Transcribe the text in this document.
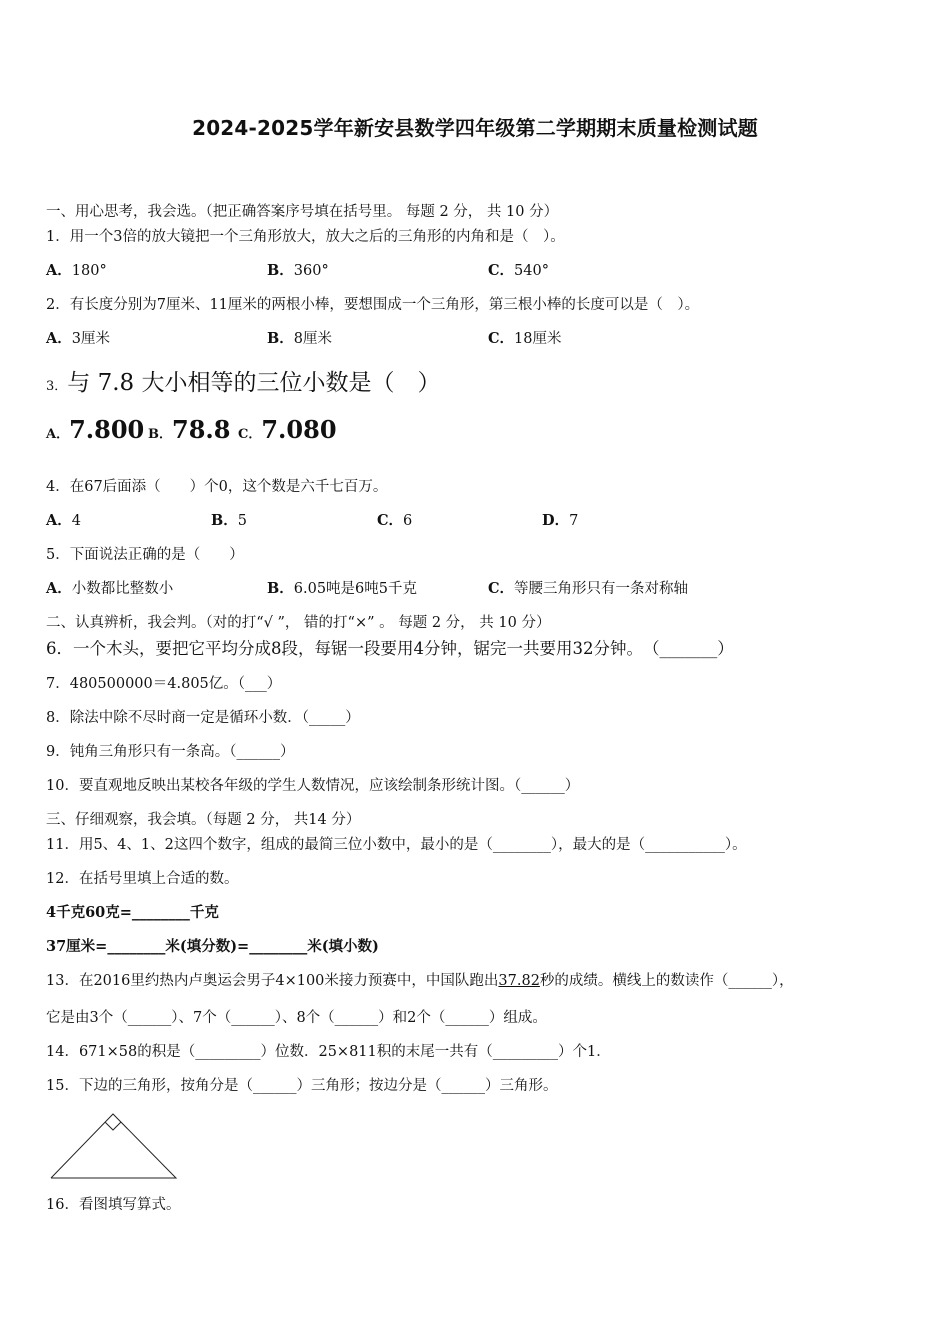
2024-2025学年新安县数学四年级第二学期期末质量检测试题
一、用心思考，我会选。（把正确答案序号填在括号里。 每题 2 分， 共 10 分）
1．用一个3倍的放大镜把一个三角形放大，放大之后的三角形的内角和是（　）。
A．180°	B．360°	C．540°
2．有长度分别为7厘米、11厘米的两根小棒，要想围成一个三角形，第三根小棒的长度可以是（　）。
A．3厘米	B．8厘米	C．18厘米
3．与 7.8 大小相等的三位小数是（　）
A．7.800 B．78.8 C．7.080
4．在67后面添（　　）个0，这个数是六千七百万。
A．4	B．5	C．6	D．7
5．下面说法正确的是（　　）
A．小数都比整数小	B．6.05吨是6吨5千克	C．等腰三角形只有一条对称轴
二、认真辨析，我会判。（对的打“√ ”， 错的打“×” 。 每题 2 分， 共 10 分）
6．一个木头，要把它平均分成8段，每锯一段要用4分钟，锯完一共要用32分钟。　（_______）
7．480500000＝4.805亿。（___）
8．除法中除不尽时商一定是循环小数．（_____）
9．钝角三角形只有一条高。（______）
10．要直观地反映出某校各年级的学生人数情况，应该绘制条形统计图。（______）
三、仔细观察，我会填。（每题 2 分， 共14 分）
11．用5、4、1、2这四个数字，组成的最简三位小数中，最小的是（________），最大的是（___________）。
12．在括号里填上合适的数。
4千克60克=________千克
37厘米=________米(填分数)=________米(填小数)
13．在2016里约热内卢奥运会男子4×100米接力预赛中，中国队跑出37.82秒的成绩。横线上的数读作（______），
它是由3个（______）、7个（______）、8个（______）和2个（______）组成。
14．671×58的积是（_________）位数．25×811积的末尾一共有（_________）个1．
15．下边的三角形，按角分是（______）三角形；按边分是（______）三角形。
16．看图填写算式。
